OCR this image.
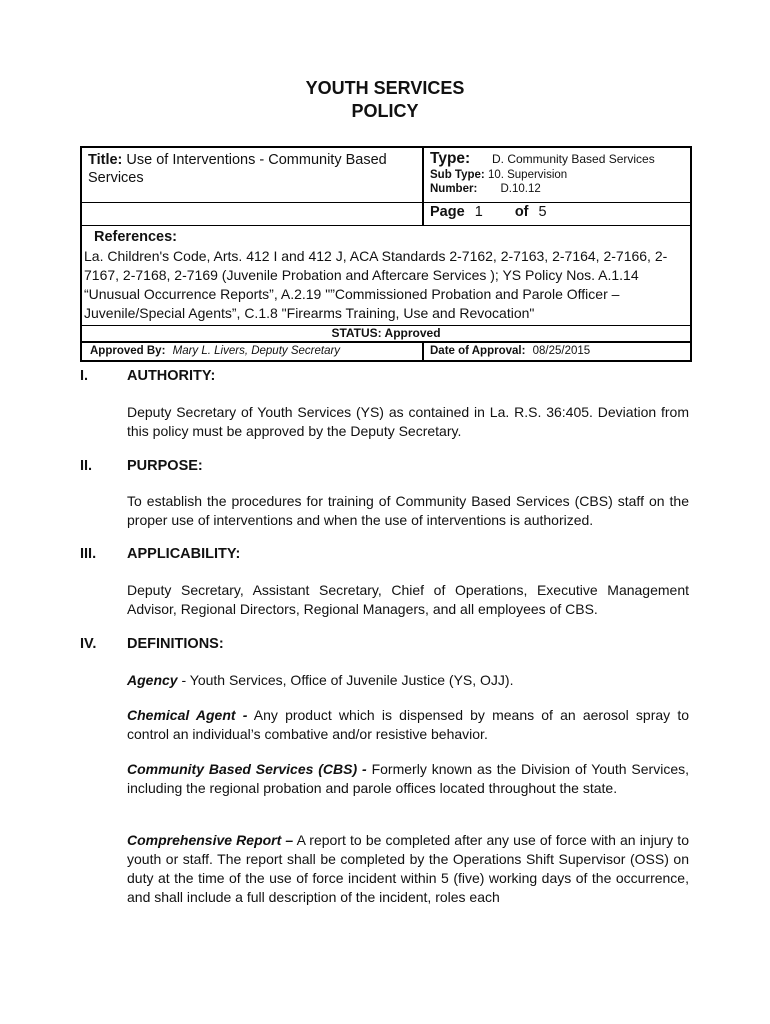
YOUTH SERVICES
POLICY
Title: Use of Interventions - Community Based Services
Type:	D. Community Based Services
Sub Type: 10. Supervision
Number: D.10.12
Page 1 of 5
References:
La. Children's Code, Arts. 412 I and 412 J, ACA Standards 2-7162, 2-7163, 2-7164, 2-7166, 2-7167, 2-7168, 2-7169 (Juvenile Probation and Aftercare Services ); YS Policy Nos. A.1.14 “Unusual Occurrence Reports”, A.2.19 "”Commissioned Probation and Parole Officer – Juvenile/Special Agents”, C.1.8 "Firearms Training, Use and Revocation"
STATUS: Approved
Approved By: Mary L. Livers, Deputy Secretary	Date of Approval: 08/25/2015
I.	AUTHORITY:
Deputy Secretary of Youth Services (YS) as contained in La. R.S. 36:405. Deviation from this policy must be approved by the Deputy Secretary.
II.	PURPOSE:
To establish the procedures for training of Community Based Services (CBS) staff on the proper use of interventions and when the use of interventions is authorized.
III.	APPLICABILITY:
Deputy Secretary, Assistant Secretary, Chief of Operations, Executive Management Advisor, Regional Directors, Regional Managers, and all employees of CBS.
IV.	DEFINITIONS:
Agency - Youth Services, Office of Juvenile Justice (YS, OJJ).
Chemical Agent - Any product which is dispensed by means of an aerosol spray to control an individual’s combative and/or resistive behavior.
Community Based Services (CBS) - Formerly known as the Division of Youth Services, including the regional probation and parole offices located throughout the state.
Comprehensive Report – A report to be completed after any use of force with an injury to youth or staff. The report shall be completed by the Operations Shift Supervisor (OSS) on duty at the time of the use of force incident within 5 (five) working days of the occurrence, and shall include a full description of the incident, roles each
